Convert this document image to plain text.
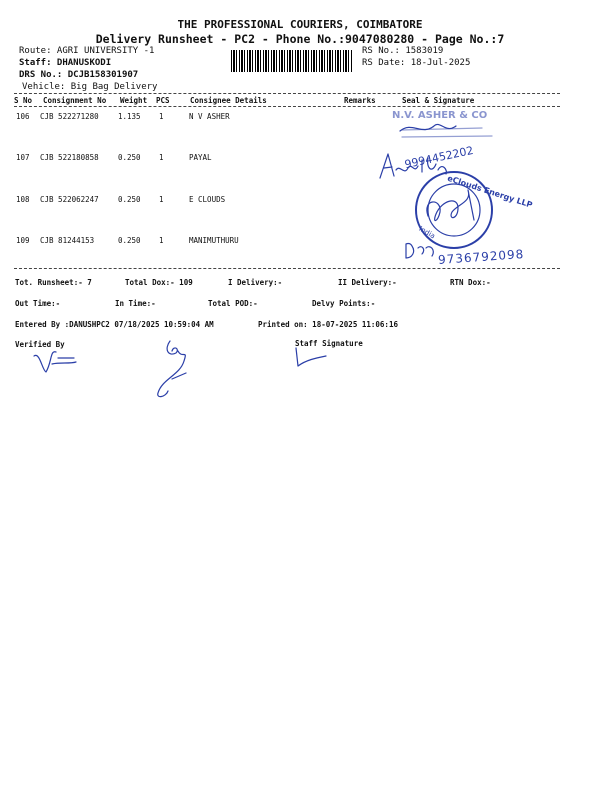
THE PROFESSIONAL COURIERS, COIMBATORE
Delivery Runsheet - PC2 - Phone No.:9047080280 - Page No.:7
Route: AGRI UNIVERSITY -1
Staff: DHANUSKODI
DRS No.: DCJB158301907
Vehicle: Big Bag Delivery
RS No.: 1583019
RS Date: 18-Jul-2025
S No Consignment No Weight PCS	Consignee Details	Remarks	Seal & Signature
106 CJB 522271280	1.135 1	N V ASHER
107 CJB 522180858	0.250 1	PAYAL
108 CJB 522062247	0.250 1	E CLOUDS
109 CJB 81244153	0.250 1	MANIMUTHURU
Tot. Runsheet:- 7	Total Dox:- 109	I Delivery:-	II Delivery:-	RTN Dox:-
Out Time:-	In Time:-	Total POD:-	Delvy Points:-
Entered By :DANUSHPC2 07/18/2025 10:59:04 AM	Printed on: 18-07-2025 11:06:16
Verified By	Staff Signature
N.V. ASHER & CO
9994452202
eClouds Energy LLP
India
9736792098
